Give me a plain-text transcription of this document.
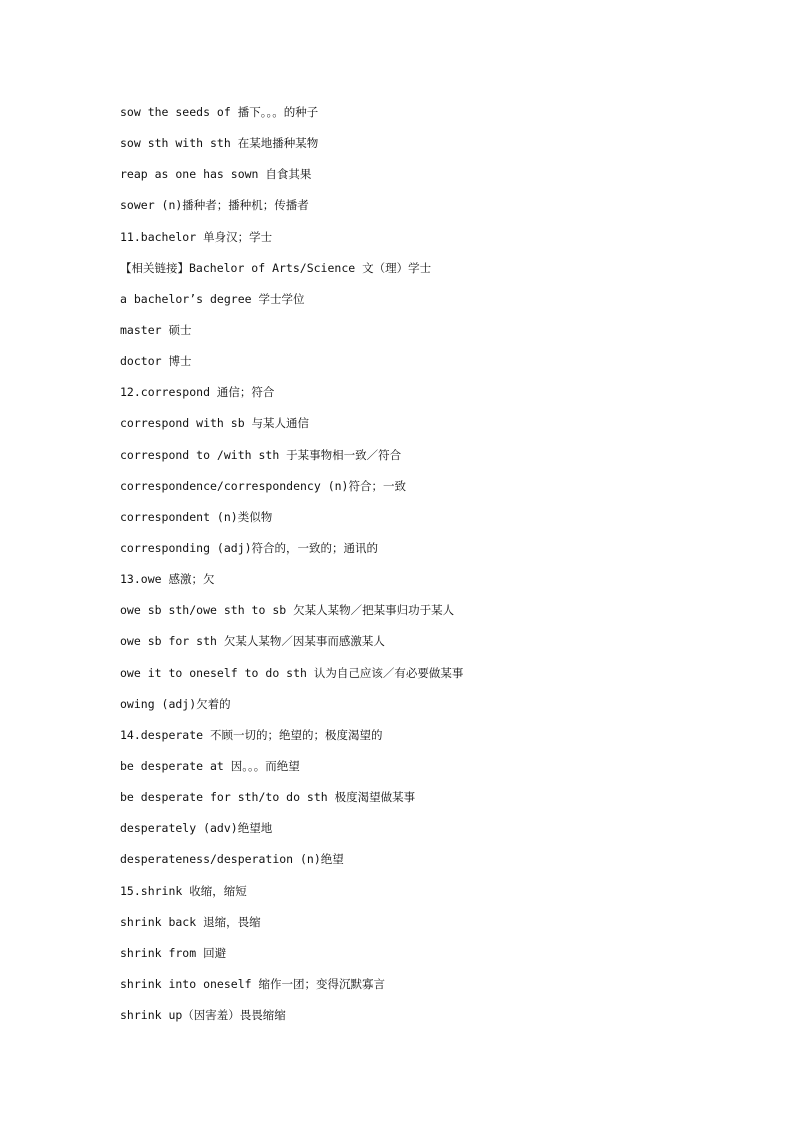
sow the seeds of 播下。。。的种子
sow sth with sth 在某地播种某物
reap as one has sown 自食其果
sower (n)播种者；播种机；传播者
11.bachelor 单身汉；学士
【相关链接】Bachelor of Arts/Science 文（理）学士
a bachelor’s degree 学士学位
master 硕士
doctor 博士
12.correspond 通信；符合
correspond with sb 与某人通信
correspond to /with sth 于某事物相一致／符合
correspondence/correspondency (n)符合；一致
correspondent (n)类似物
corresponding (adj)符合的，一致的；通讯的
13.owe 感激；欠
owe sb sth/owe sth to sb 欠某人某物／把某事归功于某人
owe sb for sth 欠某人某物／因某事而感激某人
owe it to oneself to do sth 认为自己应该／有必要做某事
owing (adj)欠着的
14.desperate 不顾一切的；绝望的；极度渴望的
be desperate at 因。。。而绝望
be desperate for sth/to do sth 极度渴望做某事
desperately (adv)绝望地
desperateness/desperation (n)绝望
15.shrink 收缩，缩短
shrink back 退缩，畏缩
shrink from 回避
shrink into oneself 缩作一团；变得沉默寡言
shrink up（因害羞）畏畏缩缩
